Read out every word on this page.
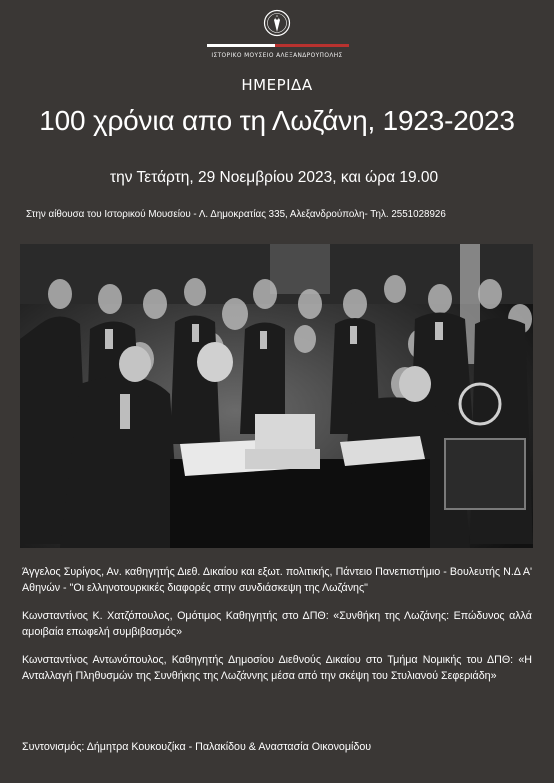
ΙΣΤΟΡΙΚΟ ΜΟΥΣΕΙΟ ΑΛΕΞΑΝΔΡΟΥΠΟΛΗΣ
ΗΜΕΡΙΔΑ
100 χρόνια απο τη Λωζάνη, 1923-2023
την Τετάρτη, 29 Νοεμβρίου 2023, και ώρα 19.00
Στην αίθουσα του Ιστορικού Μουσείου - Λ. Δημοκρατίας 335, Αλεξανδρούπολη- Τηλ. 2551028926

Άγγελος Συρίγος, Αν. καθηγητής Διεθ. Δικαίου και εξωτ. πολιτικής, Πάντειο Πανεπιστήμιο - Βουλευτής Ν.Δ Α' Αθηνών - "Οι ελληνοτουρκικές διαφορές στην συνδιάσκεψη της Λωζάνης"

Κωνσταντίνος Κ. Χατζόπουλος, Ομότιμος Καθηγητής στο ΔΠΘ: «Συνθήκη της Λωζάνης: Επώδυνος αλλά αμοιβαία επωφελή συμβιβασμός»

Κωνσταντίνος Αντωνόπουλος, Καθηγητής Δημοσίου Διεθνούς Δικαίου στο Τμήμα Νομικής του ΔΠΘ: «Η Ανταλλαγή Πληθυσμών της Συνθήκης της Λωζάννης μέσα από την σκέψη του Στυλιανού Σεφεριάδη»

Συντονισμός: Δήμητρα Κουκουζίκα - Παλακίδου & Αναστασία Οικονομίδου
